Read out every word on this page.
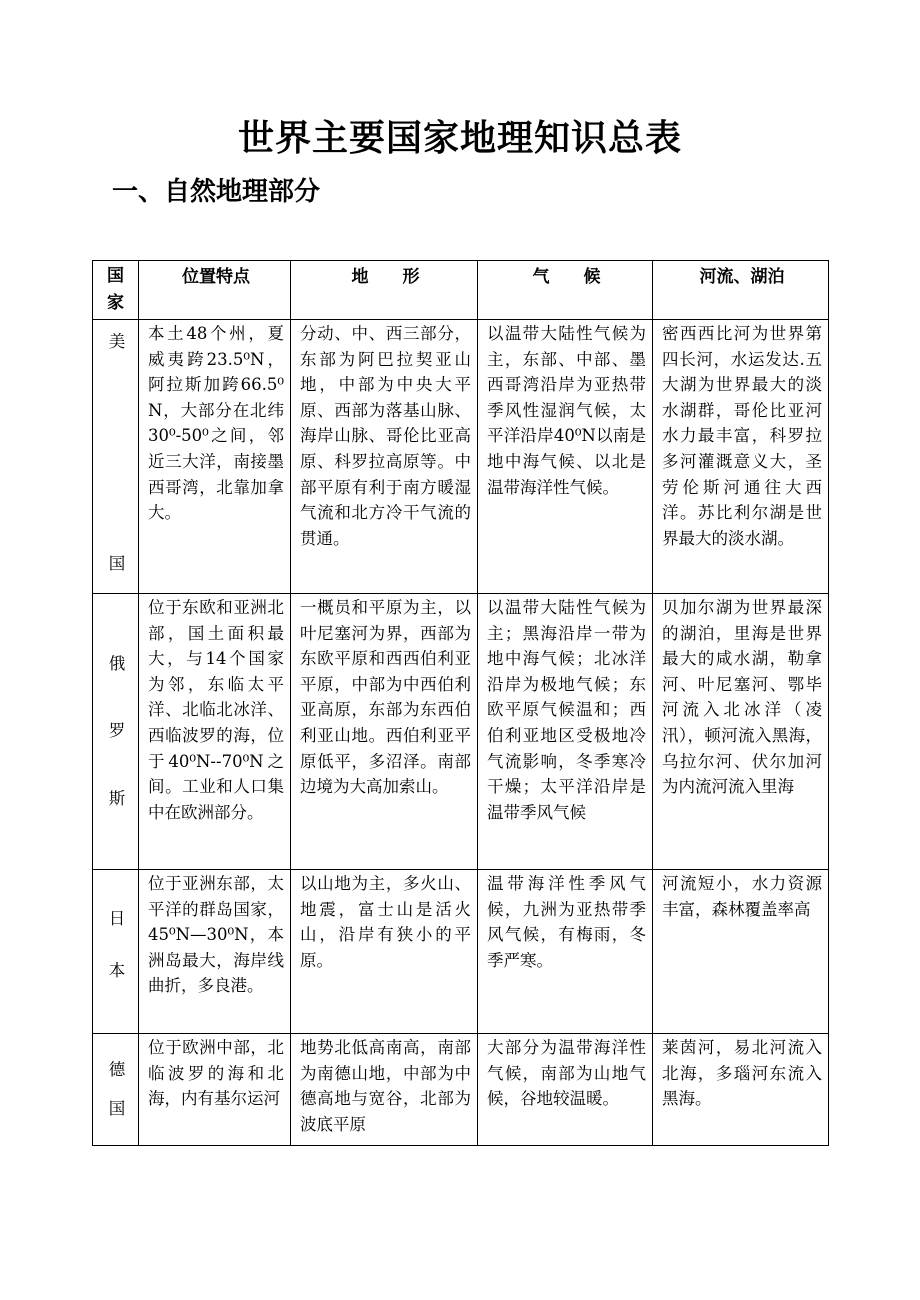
世界主要国家地理知识总表
一、自然地理部分
国
家	位置特点	地　　形	气　　候	河流、湖泊

美
国	本土48个州，夏威夷跨23.5⁰N，阿拉斯加跨66.5⁰N，大部分在北纬30⁰-50⁰之间，邻近三大洋，南接墨西哥湾，北靠加拿大。	分动、中、西三部分，东部为阿巴拉契亚山地，中部为中央大平原、西部为落基山脉、海岸山脉、哥伦比亚高原、科罗拉高原等。中部平原有利于南方暖湿气流和北方冷干气流的贯通。	以温带大陆性气候为主，东部、中部、墨西哥湾沿岸为亚热带季风性湿润气候，太平洋沿岸40⁰N以南是地中海气候、以北是温带海洋性气候。	密西西比河为世界第四长河，水运发达.五大湖为世界最大的淡水湖群，哥伦比亚河水力最丰富，科罗拉多河灌溉意义大，圣劳伦斯河通往大西洋。苏比利尔湖是世界最大的淡水湖。

俄
罗
斯	位于东欧和亚洲北部，国土面积最大，与14个国家为邻，东临太平洋、北临北冰洋、西临波罗的海，位于40⁰N--70⁰N之间。工业和人口集中在欧洲部分。	一概员和平原为主，以叶尼塞河为界，西部为东欧平原和西西伯利亚平原，中部为中西伯利亚高原，东部为东西伯利亚山地。西伯利亚平原低平，多沼泽。南部边境为大高加索山。	以温带大陆性气候为主；黑海沿岸一带为地中海气候；北冰洋沿岸为极地气候；东欧平原气候温和；西伯利亚地区受极地冷气流影响，冬季寒冷干燥；太平洋沿岸是温带季风气候	贝加尔湖为世界最深的湖泊，里海是世界最大的咸水湖，勒拿河、叶尼塞河、鄂毕河流入北冰洋（凌汛），顿河流入黑海，乌拉尔河、伏尔加河为内流河流入里海

日
本	位于亚洲东部，太平洋的群岛国家，45⁰N—30⁰N，本洲岛最大，海岸线曲折，多良港。	以山地为主，多火山、地震，富士山是活火山，沿岸有狭小的平原。	温带海洋性季风气候，九洲为亚热带季风气候，有梅雨，冬季严寒。	河流短小，水力资源丰富，森林覆盖率高

德
国	位于欧洲中部，北临波罗的海和北海，内有基尔运河	地势北低高南高，南部为南德山地，中部为中德高地与宽谷，北部为波底平原	大部分为温带海洋性气候，南部为山地气候，谷地较温暖。	莱茵河，易北河流入北海，多瑙河东流入黑海。
